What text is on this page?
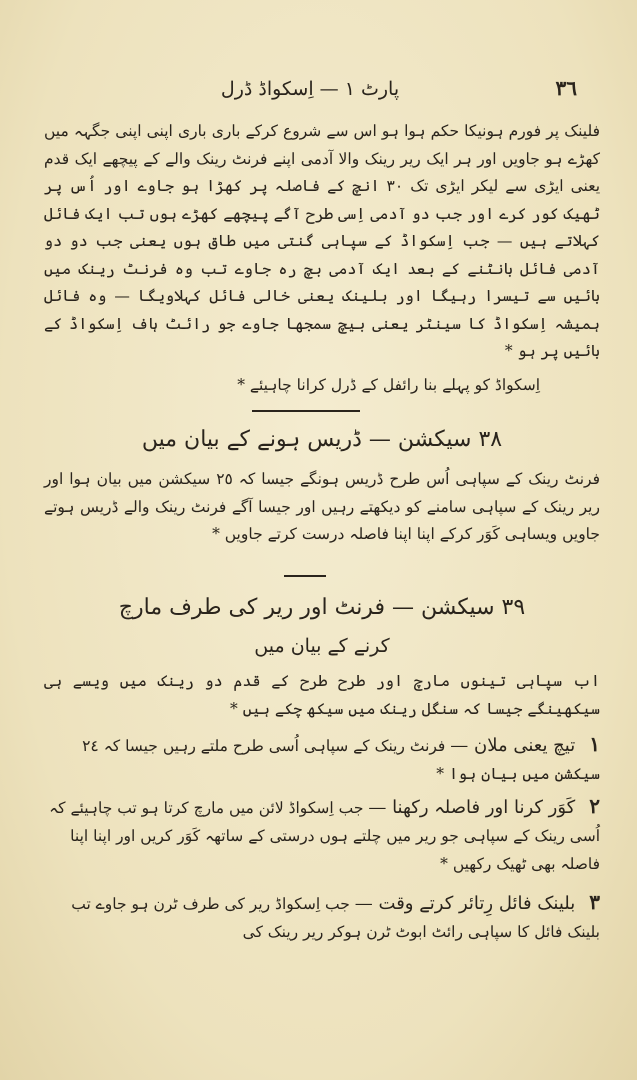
٣٦
پارٹ ١ — اِسکواڈ ڈرل
فلینک پر فورم ہونیکا حکم ہوا ہو اس سے شروع کرکے باری باری اپنی اپنی جگہہ میں کھڑے ہو جاویں اور ہر ایک ریر رینک والا آدمی اپنے فرنٹ رینک والے کے پیچھے ایک قدم یعنی ایڑی سے لیکر ایڑی تک ٣٠ انچ کے فاصلہ پر کھڑا ہو جاوے اور اُس پر ٹھیک کور کرے اور جب دو آدمی اِسی طرح آگے پیچھے کھڑے ہوں تب ایک فائل کہلاتے ہیں — جب اِسکواڈ کے سپاہی گنتی میں طاق ہوں یعنی جب دو دو آدمی فائل بانٹنے کے بعد ایک آدمی بچ رہ جاوے تب وہ فرنٹ رینک میں بائیں سے تیسرا رہیگا اور بلینک یعنی خالی فائل کہلاویگا — وہ فائل ہمیشہ اِسکواڈ کا سینٹر یعنی بیچ سمجھا جاوے جو رائٹ ہاف اِسکواڈ کے بائیں پر ہو *
اِسکواڈ کو پہلے بنا رائفل کے ڈرل کرانا چاہیئے *
٣٨ سیکشن — ڈریس ہونے کے بیان میں
فرنٹ رینک کے سپاہی اُس طرح ڈریس ہونگے جیسا کہ ٢٥ سیکشن میں بیان ہوا اور ریر رینک کے سپاہی سامنے کو دیکھتے رہیں اور جیسا آگے فرنٹ رینک والے ڈریس ہوتے جاویں ویساہی کَوَر کرکے اپنا اپنا فاصلہ درست کرتے جاویں *
٣٩ سیکشن — فرنٹ اور ریر کی طرف مارچ
کرنے کے بیان میں
اب سپاہی تینوں مارچ اور طرح طرح کے قدم دو رینک میں ویسے ہی سیکھینگے جیسا کہ سنگل رینک میں سیکھ چکے ہیں *
١تیچ یعنی ملان — فرنٹ رینک کے سپاہی اُسی طرح ملتے رہیں جیسا کہ ٢٤ سیکشن میں بیان ہوا *
٢کَوَر کرنا اور فاصلہ رکھنا — جب اِسکواڈ لائن میں مارچ کرتا ہو تب چاہیئے کہ اُسی رینک کے سپاہی جو ریر میں چلتے ہوں درستی کے ساتھہ کَوَر کریں اور اپنا اپنا فاصلہ بھی ٹھیک رکھیں *
٣بلینک فائل رِتائر کرتے وقت — جب اِسکواڈ ریر کی طرف ٹرن ہو جاوے تب بلینک فائل کا سپاہی رائٹ ابوٹ ٹرن ہوکر ریر رینک کی
